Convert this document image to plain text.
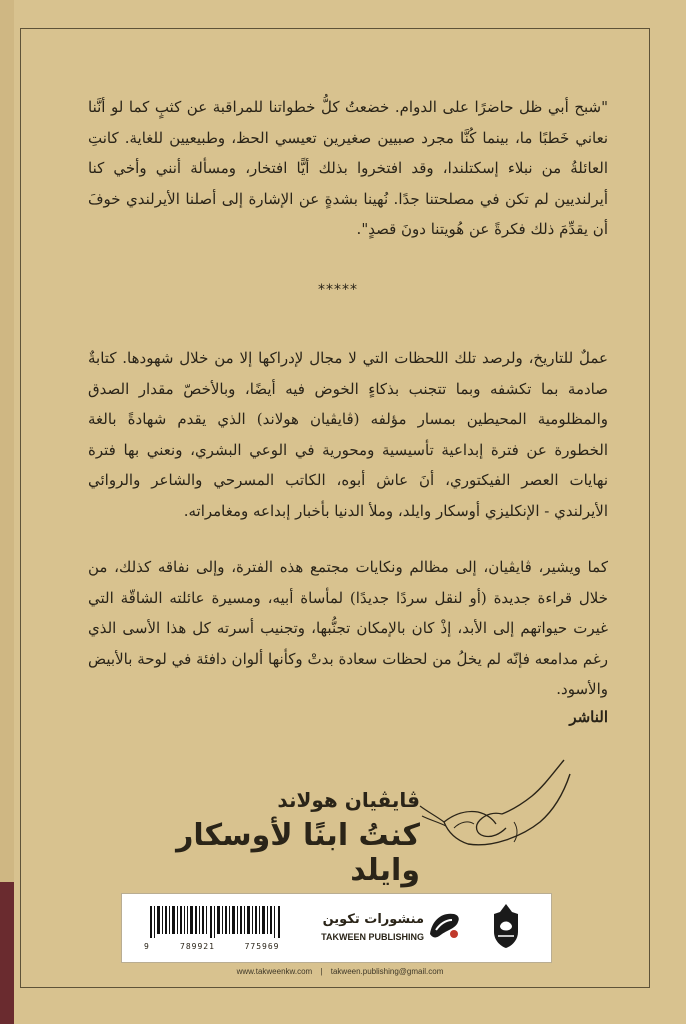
"شبح أبي ظل حاضرًا على الدوام. خضعتُ كلُّ خطواتنا للمراقبة عن كثبٍ كما لو أنَّنا نعاني خَطبًا ما، بينما كُنَّا مجرد صبيين صغيرين تعيسي الحظ، وطبيعيين للغاية. كانتِ العائلةُ من نبلاء إسكتلندا، وقد افتخروا بذلك أيًّا افتخار، ومسألة أنني وأخي كنا أيرلنديين لم تكن في مصلحتنا جدًا. نُهينا بشدةٍ عن الإشارة إلى أصلنا الأيرلندي خوفَ أن يقدِّمَ ذلك فكرةً عن هُويتنا دونَ قصدٍ".
*****
عملٌ للتاريخ، ولرصد تلك اللحظات التي لا مجال لإدراكها إلا من خلال شهودها. كتابةٌ صادمة بما تكشفه وبما تتجنب بذكاءٍ الخوض فيه أيضًا، وبالأخصّ مقدار الصدق والمظلومية المحيطين بمسار مؤلفه (ڤايڤيان هولاند) الذي يقدم شهادةً بالغة الخطورة عن فترة إبداعية تأسيسية ومحورية في الوعي البشري، ونعني بها فترة نهايات العصر الفيكتوري، أنَ عاش أبوه، الكاتب المسرحي والشاعر والروائي الأيرلندي - الإنكليزي أوسكار وايلد، وملأ الدنيا بأخبار إبداعه ومغامراته.
كما ويشير، ڤايڤيان، إلى مظالم ونكايات مجتمع هذه الفترة، وإلى نفاقه كذلك، من خلال قراءة جديدة (أو لنقل سردًا جديدًا) لمأساة أبيه، ومسيرة عائلته الشاقّة التي غيرت حيواتهم إلى الأبد، إذْ كان بالإمكان تجنُّبها، وتجنيب أسرته كل هذا الأسى الذي رغم مدامعه فإنّه لم يخلُ من لحظات سعادة بدتْ وكأنها ألوان دافئة في لوحة بالأبيض والأسود.
الناشر
ڤايڤيان هولاند
كنتُ ابنًا لأوسكار وايلد
9	789921	775969
منشورات تكوين
TAKWEEN PUBLISHING
www.takweenkw.com | takween.publishing@gmail.com
